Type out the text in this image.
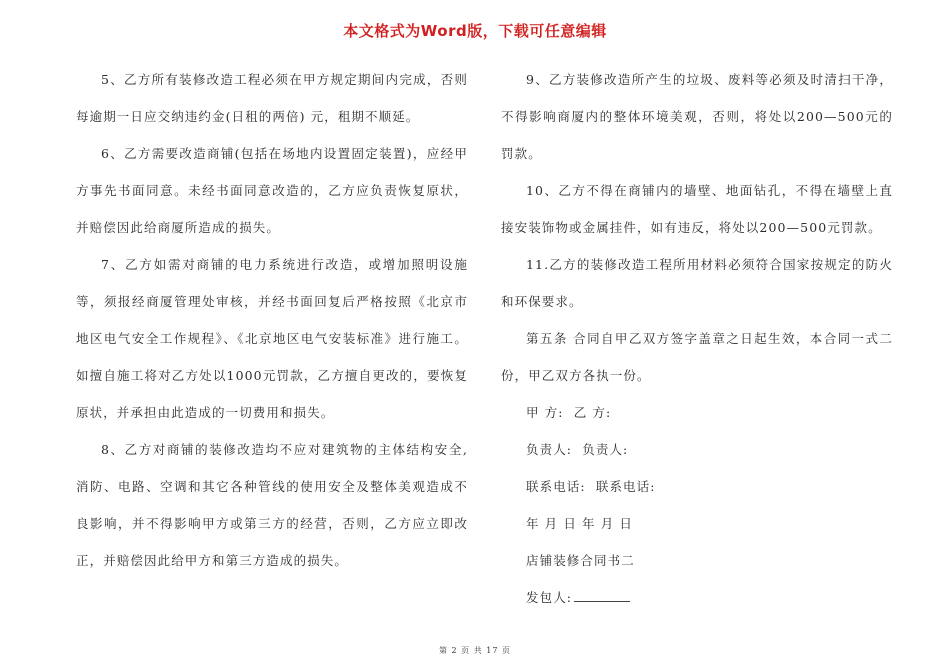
本文格式为Word版，下载可任意编辑

5、乙方所有装修改造工程必须在甲方规定期间内完成，否则每逾期一日应交纳违约金(日租的两倍) 元，租期不顺延。

6、乙方需要改造商铺(包括在场地内设置固定装置)，应经甲方事先书面同意。未经书面同意改造的，乙方应负责恢复原状，并赔偿因此给商厦所造成的损失。

7、乙方如需对商铺的电力系统进行改造，或增加照明设施等，须报经商厦管理处审核，并经书面回复后严格按照《北京市地区电气安全工作规程》、《北京地区电气安装标准》进行施工。如擅自施工将对乙方处以1000元罚款，乙方擅自更改的，要恢复原状，并承担由此造成的一切费用和损失。

8、乙方对商铺的装修改造均不应对建筑物的主体结构安全,消防、电路、空调和其它各种管线的使用安全及整体美观造成不良影响，并不得影响甲方或第三方的经营，否则，乙方应立即改正，并赔偿因此给甲方和第三方造成的损失。

9、乙方装修改造所产生的垃圾、废料等必须及时清扫干净，不得影响商厦内的整体环境美观，否则，将处以200—500元的罚款。

10、乙方不得在商铺内的墙壁、地面钻孔，不得在墙壁上直接安装饰物或金属挂件，如有违反，将处以200—500元罚款。

11.乙方的装修改造工程所用材料必须符合国家按规定的防火和环保要求。

第五条 合同自甲乙双方签字盖章之日起生效，本合同一式二份，甲乙双方各执一份。

甲 方:  乙 方:

负责人:  负责人:

联系电话:  联系电话:

年 月 日 年 月 日

店铺装修合同书二

发包人:

第 2 页 共 17 页
